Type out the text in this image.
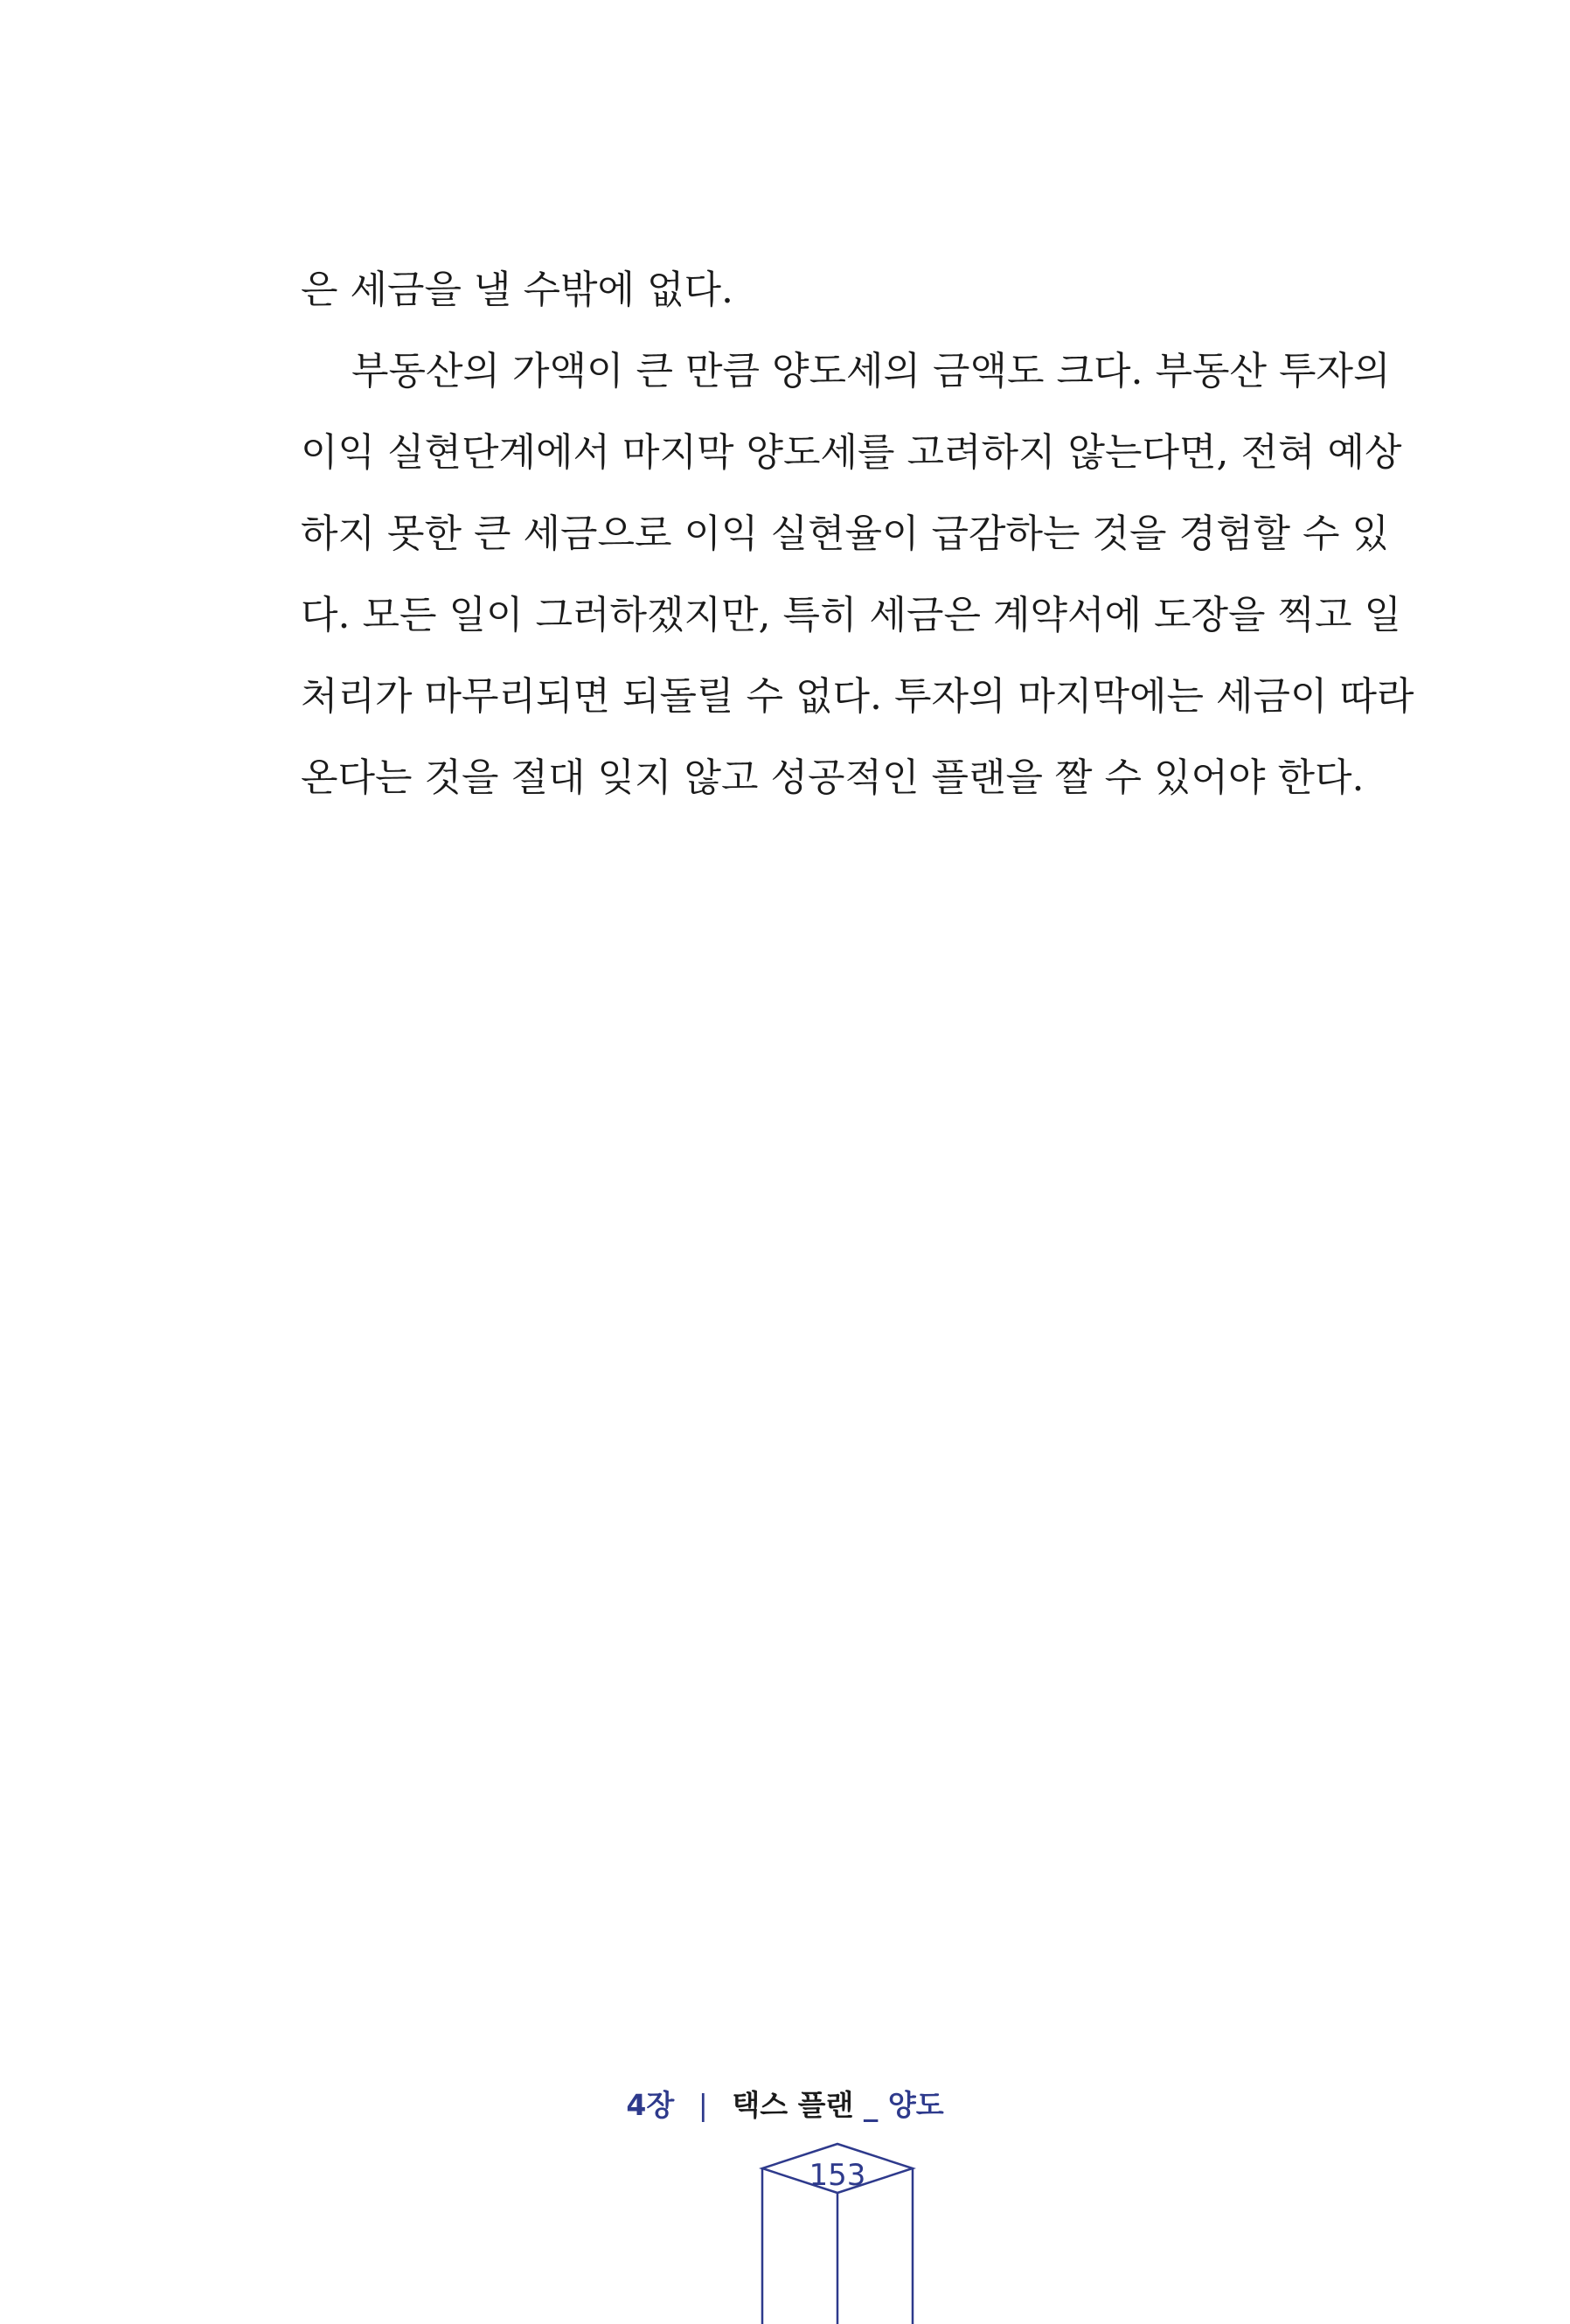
은 세금을 낼 수밖에 없다.
부동산의 가액이 큰 만큼 양도세의 금액도 크다. 부동산 투자의
이익 실현단계에서 마지막 양도세를 고려하지 않는다면, 전혀 예상
하지 못한 큰 세금으로 이익 실현율이 급감하는 것을 경험할 수 있
다. 모든 일이 그러하겠지만, 특히 세금은 계약서에 도장을 찍고 일
처리가 마무리되면 되돌릴 수 없다. 투자의 마지막에는 세금이 따라
온다는 것을 절대 잊지 않고 성공적인 플랜을 짤 수 있어야 한다.
4장 | 택스 플랜 _ 양도
153
